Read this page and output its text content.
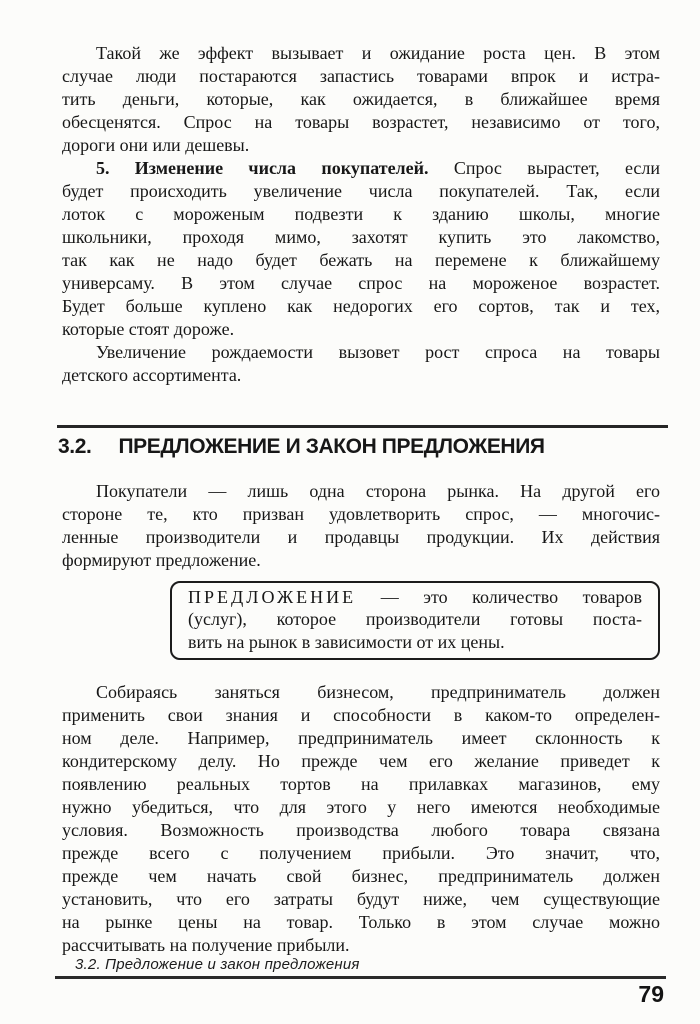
Такой же эффект вызывает и ожидание роста цен. В этом
случае люди постараются запастись товарами впрок и истра-
тить деньги, которые, как ожидается, в ближайшее время
обесценятся. Спрос на товары возрастет, независимо от того,
дороги они или дешевы.
5. Изменение числа покупателей. Спрос вырастет, если
будет происходить увеличение числа покупателей. Так, если
лоток с мороженым подвезти к зданию школы, многие
школьники, проходя мимо, захотят купить это лакомство,
так как не надо будет бежать на перемене к ближайшему
универсаму. В этом случае спрос на мороженое возрастет.
Будет больше куплено как недорогих его сортов, так и тех,
которые стоят дороже.
Увеличение рождаемости вызовет рост спроса на товары
детского ассортимента.
3.2. ПРЕДЛОЖЕНИЕ И ЗАКОН ПРЕДЛОЖЕНИЯ
Покупатели — лишь одна сторона рынка. На другой его
стороне те, кто призван удовлетворить спрос, — многочис-
ленные производители и продавцы продукции. Их действия
формируют предложение.
ПРЕДЛОЖЕНИЕ — это количество товаров
(услуг), которое производители готовы поста-
вить на рынок в зависимости от их цены.
Собираясь заняться бизнесом, предприниматель должен
применить свои знания и способности в каком-то определен-
ном деле. Например, предприниматель имеет склонность к
кондитерскому делу. Но прежде чем его желание приведет к
появлению реальных тортов на прилавках магазинов, ему
нужно убедиться, что для этого у него имеются необходимые
условия. Возможность производства любого товара связана
прежде всего с получением прибыли. Это значит, что,
прежде чем начать свой бизнес, предприниматель должен
установить, что его затраты будут ниже, чем существующие
на рынке цены на товар. Только в этом случае можно
рассчитывать на получение прибыли.
3.2. Предложение и закон предложения
79
